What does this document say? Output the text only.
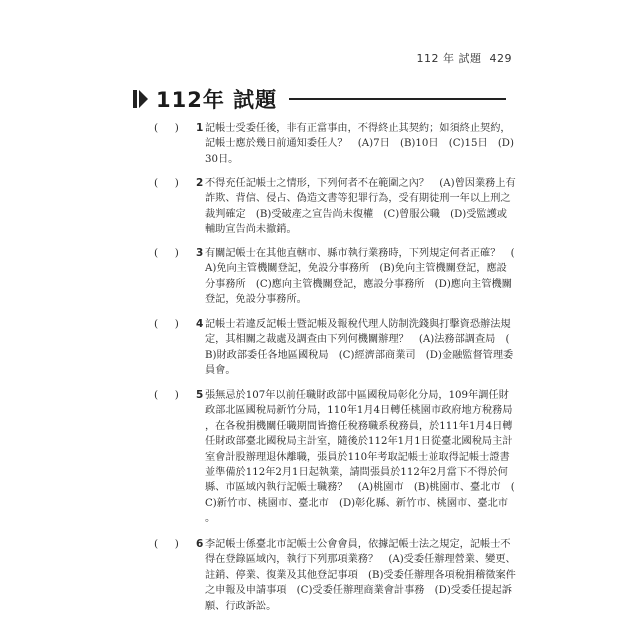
112 年 試題 429
112年 試題
(     ) 1 記帳士受委任後，非有正當事由，不得終止其契約；如須終止契約，記帳士應於幾日前通知委任人？　(A)7日　(B)10日　(C)15日　(D)30日。
(     ) 2 不得充任記帳士之情形，下列何者不在範圍之內？　(A)曾因業務上有詐欺、背信、侵占、偽造文書等犯罪行為，受有期徒刑一年以上刑之裁判確定　(B)受破產之宣告尚未復權　(C)曾服公職　(D)受監護或輔助宣告尚未撤銷。
(     ) 3 有關記帳士在其他直轄市、縣市執行業務時，下列規定何者正確？　(A)免向主管機關登記，免設分事務所　(B)免向主管機關登記，應設分事務所　(C)應向主管機關登記，應設分事務所　(D)應向主管機關登記，免設分事務所。
(     ) 4 記帳士若違反記帳士暨記帳及報稅代理人防制洗錢與打擊資恐辦法規定，其相關之裁處及調查由下列何機關辦理？　(A)法務部調查局　(B)財政部委任各地區國稅局　(C)經濟部商業司　(D)金融監督管理委員會。
(     ) 5 張無忌於107年以前任職財政部中區國稅局彰化分局，109年調任財政部北區國稅局新竹分局，110年1月4日轉任桃園市政府地方稅務局，在各稅捐機關任職期間皆擔任稅務職系稅務員，於111年1月4日轉任財政部臺北國稅局主計室，隨後於112年1月1日從臺北國稅局主計室會計股辦理退休離職，張員於110年考取記帳士並取得記帳士證書並準備於112年2月1日起執業，請問張員於112年2月當下不得於何縣、市區域內執行記帳士職務？　(A)桃園市　(B)桃園市、臺北市　(C)新竹市、桃園市、臺北市　(D)彰化縣、新竹市、桃園市、臺北市。
(     ) 6 李記帳士係臺北市記帳士公會會員，依據記帳士法之規定，記帳士不得在登錄區域內，執行下列那項業務？　(A)受委任辦理營業、變更、註銷、停業、復業及其他登記事項　(B)受委任辦理各項稅捐稽徵案件之申報及申請事項　(C)受委任辦理商業會計事務　(D)受委任提起訴願、行政訴訟。
